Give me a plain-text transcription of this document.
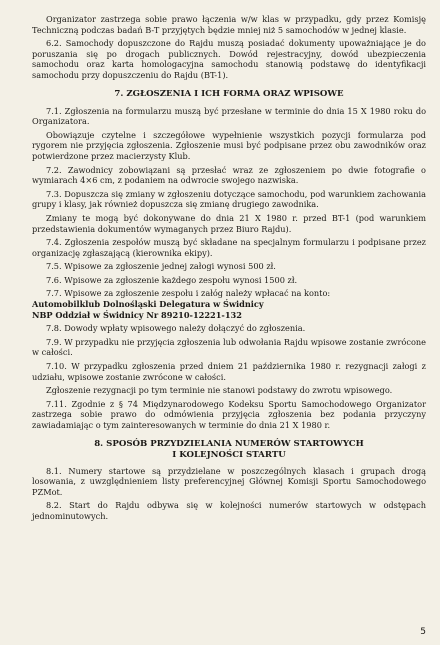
Organizator zastrzega sobie prawo łączenia w/w klas w przypadku, gdy przez Komisję Techniczną podczas badań B-T przyjętych będzie mniej niż 5 samochodów w jednej klasie.

6.2. Samochody dopuszczone do Rajdu muszą posiadać dokumenty upoważniające je do poruszania się po drogach publicznych. Dowód rejestracyjny, dowód ubezpieczenia samochodu oraz karta homologacyjna samochodu stanowią podstawę do identyfikacji samochodu przy dopuszczeniu do Rajdu (BT-1).

7. ZGŁOSZENIA I ICH FORMA ORAZ WPISOWE

7.1. Zgłoszenia na formularzu muszą być przesłane w terminie do dnia 15 X 1980 roku do Organizatora.

Obowiązuje czytelne i szczegółowe wypełnienie wszystkich pozycji formularza pod rygorem nie przyjęcia zgłoszenia. Zgłoszenie musi być podpisane przez obu zawodników oraz potwierdzone przez macierzysty Klub.

7.2. Zawodnicy zobowiązani są przesłać wraz ze zgłoszeniem po dwie fotografie o wymiarach 4×6 cm, z podaniem na odwrocie swojego nazwiska.

7.3. Dopuszcza się zmiany w zgłoszeniu dotyczące samochodu, pod warunkiem zachowania grupy i klasy, jak również dopuszcza się zmianę drugiego zawodnika.

Zmiany te mogą być dokonywane do dnia 21 X 1980 r. przed BT-1 (pod warunkiem przedstawienia dokumentów wymaganych przez Biuro Rajdu).

7.4. Zgłoszenia zespołów muszą być składane na specjalnym formularzu i podpisane przez organizację zgłaszającą (kierownika ekipy).

7.5. Wpisowe za zgłoszenie jednej załogi wynosi 500 zł.

7.6. Wpisowe za zgłoszenie każdego zespołu wynosi 1500 zł.

7.7. Wpisowe za zgłoszenie zespołu i załóg należy wpłacać na konto:

Automobilklub Dolnośląski Delegatura w Świdnicy

NBP Oddział w Świdnicy Nr 89210-12221-132

7.8. Dowody wpłaty wpisowego należy dołączyć do zgłoszenia.

7.9. W przypadku nie przyjęcia zgłoszenia lub odwołania Rajdu wpisowe zostanie zwrócone w całości.

7.10. W przypadku zgłoszenia przed dniem 21 października 1980 r. rezygnacji załogi z udziału, wpisowe zostanie zwrócone w całości.

Zgłoszenie rezygnacji po tym terminie nie stanowi podstawy do zwrotu wpisowego.

7.11. Zgodnie z § 74 Międzynarodowego Kodeksu Sportu Samochodowego Organizator zastrzega sobie prawo do odmówienia przyjęcia zgłoszenia bez podania przyczyny zawiadamiając o tym zainteresowanych w terminie do dnia 21 X 1980 r.

8. SPOSÓB PRZYDZIELANIA NUMERÓW STARTOWYCH
I KOLEJNOŚCI STARTU

8.1. Numery startowe są przydzielane w poszczególnych klasach i grupach drogą losowania, z uwzględnieniem listy preferencyjnej Głównej Komisji Sportu Samochodowego PZMot.

8.2. Start do Rajdu odbywa się w kolejności numerów startowych w odstępach jednominutowych.

5
